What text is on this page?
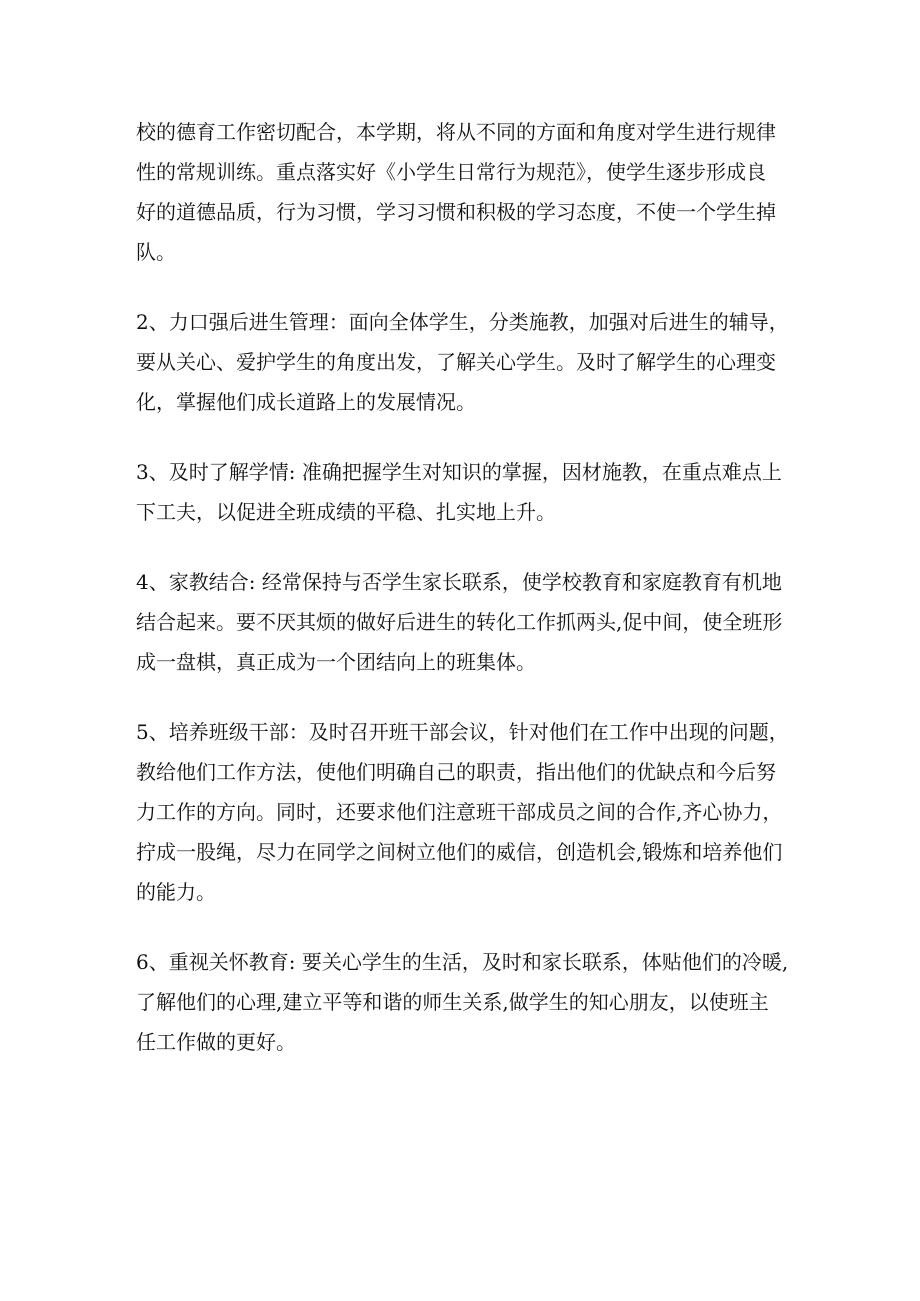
校的德育工作密切配合，本学期，将从不同的方面和角度对学生进行规律
性的常规训练。重点落实好《小学生日常行为规范》，使学生逐步形成良
好的道德品质，行为习惯，学习习惯和积极的学习态度，不使一个学生掉
队。

2、力口强后进生管理：面向全体学生，分类施教，加强对后进生的辅导，
要从关心、爱护学生的角度出发，了解关心学生。及时了解学生的心理变
化，掌握他们成长道路上的发展情况。

3、及时了解学情: 准确把握学生对知识的掌握，因材施教，在重点难点上
下工夫，以促进全班成绩的平稳、扎实地上升。

4、家教结合: 经常保持与否学生家长联系，使学校教育和家庭教育有机地
结合起来。要不厌其烦的做好后进生的转化工作抓两头,促中间，使全班形
成一盘棋，真正成为一个团结向上的班集体。

5、培养班级干部：及时召开班干部会议，针对他们在工作中出现的问题，
教给他们工作方法，使他们明确自己的职责，指出他们的优缺点和今后努
力工作的方向。同时，还要求他们注意班干部成员之间的合作,齐心协力，
拧成一股绳，尽力在同学之间树立他们的威信，创造机会,锻炼和培养他们
的能力。

6、重视关怀教育: 要关心学生的生活，及时和家长联系，体贴他们的冷暖,
了解他们的心理,建立平等和谐的师生关系,做学生的知心朋友，以使班主
任工作做的更好。
